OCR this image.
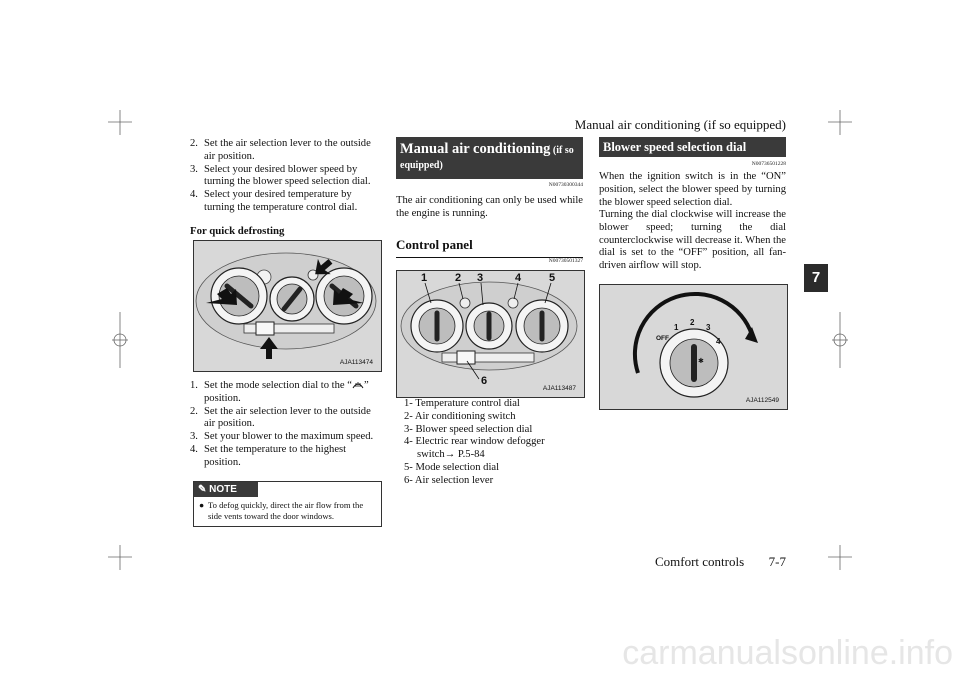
Manual air conditioning (if so equipped)
7
2. Set the air selection lever to the outside air position.
3. Select your desired blower speed by turning the blower speed selection dial.
4. Select your desired temperature by turning the temperature control dial.
For quick defrosting
AJA113474
1. Set the mode selection dial to the “ ” position.
2. Set the air selection lever to the outside air position.
3. Set your blower to the maximum speed.
4. Set the temperature to the highest position.
✎ NOTE
● To defog quickly, direct the air flow from the side vents toward the door windows.
Manual air conditioning (if so
equipped)
N00730300344
The air conditioning can only be used while the engine is running.
Control panel
N00730501327
1	2 3	4	5
6
AJA113487
1- Temperature control dial
2- Air conditioning switch
3- Blower speed selection dial
4- Electric rear window defogger switch→ P.5-84
5- Mode selection dial
6- Air selection lever
Blower speed selection dial
N00736501228
When the ignition switch is in the “ON” position, select the blower speed by turning the blower speed selection dial.
Turning the dial clockwise will increase the blower speed; turning the dial counterclockwise will decrease it. When the dial is set to the “OFF” position, all fan-driven airflow will stop.
✱
OFF
1
2
3
4
AJA112549
Comfort controls 7-7
carmanualsonline.info
